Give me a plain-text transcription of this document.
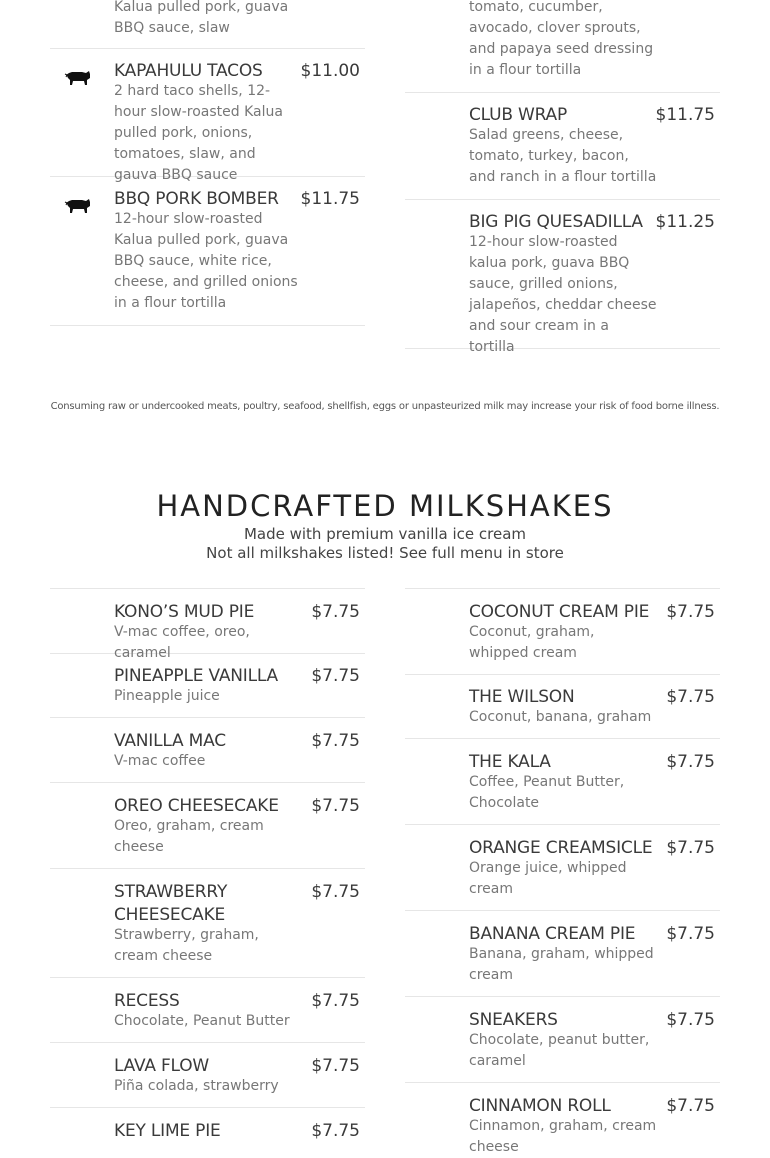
Kalua pulled pork, guava BBQ sauce, slaw
KAPAHULU TACOS	$11.00
2 hard taco shells, 12-hour slow-roasted Kalua pulled pork, onions, tomatoes, slaw, and gauva BBQ sauce
BBQ PORK BOMBER	$11.75
12-hour slow-roasted Kalua pulled pork, guava BBQ sauce, white rice, cheese, and grilled onions in a flour tortilla
tomato, cucumber, avocado, clover sprouts, and papaya seed dressing in a flour tortilla
CLUB WRAP	$11.75
Salad greens, cheese, tomato, turkey, bacon, and ranch in a flour tortilla
BIG PIG QUESADILLA $11.25
12-hour slow-roasted kalua pork, guava BBQ sauce, grilled onions, jalapeños, cheddar cheese and sour cream in a tortilla
Consuming raw or undercooked meats, poultry, seafood, shellfish, eggs or unpasteurized milk may increase your risk of food borne illness.
HANDCRAFTED MILKSHAKES
Made with premium vanilla ice cream
Not all milkshakes listed! See full menu in store
KONO’S MUD PIE	$7.75
V-mac coffee, oreo, caramel
PINEAPPLE VANILLA	$7.75
Pineapple juice
VANILLA MAC	$7.75
V-mac coffee
OREO CHEESECAKE	$7.75
Oreo, graham, cream cheese
STRAWBERRY CHEESECAKE
$7.75
Strawberry, graham, cream cheese
RECESS	$7.75
Chocolate, Peanut Butter
LAVA FLOW	$7.75
Piña colada, strawberry
KEY LIME PIE	$7.75
COCONUT CREAM PIE	$7.75
Coconut, graham, whipped cream
THE WILSON	$7.75
Coconut, banana, graham
THE KALA	$7.75
Coffee, Peanut Butter, Chocolate
ORANGE CREAMSICLE $7.75
Orange juice, whipped cream
BANANA CREAM PIE	$7.75
Banana, graham, whipped cream
SNEAKERS	$7.75
Chocolate, peanut butter, caramel
CINNAMON ROLL	$7.75
Cinnamon, graham, cream cheese
